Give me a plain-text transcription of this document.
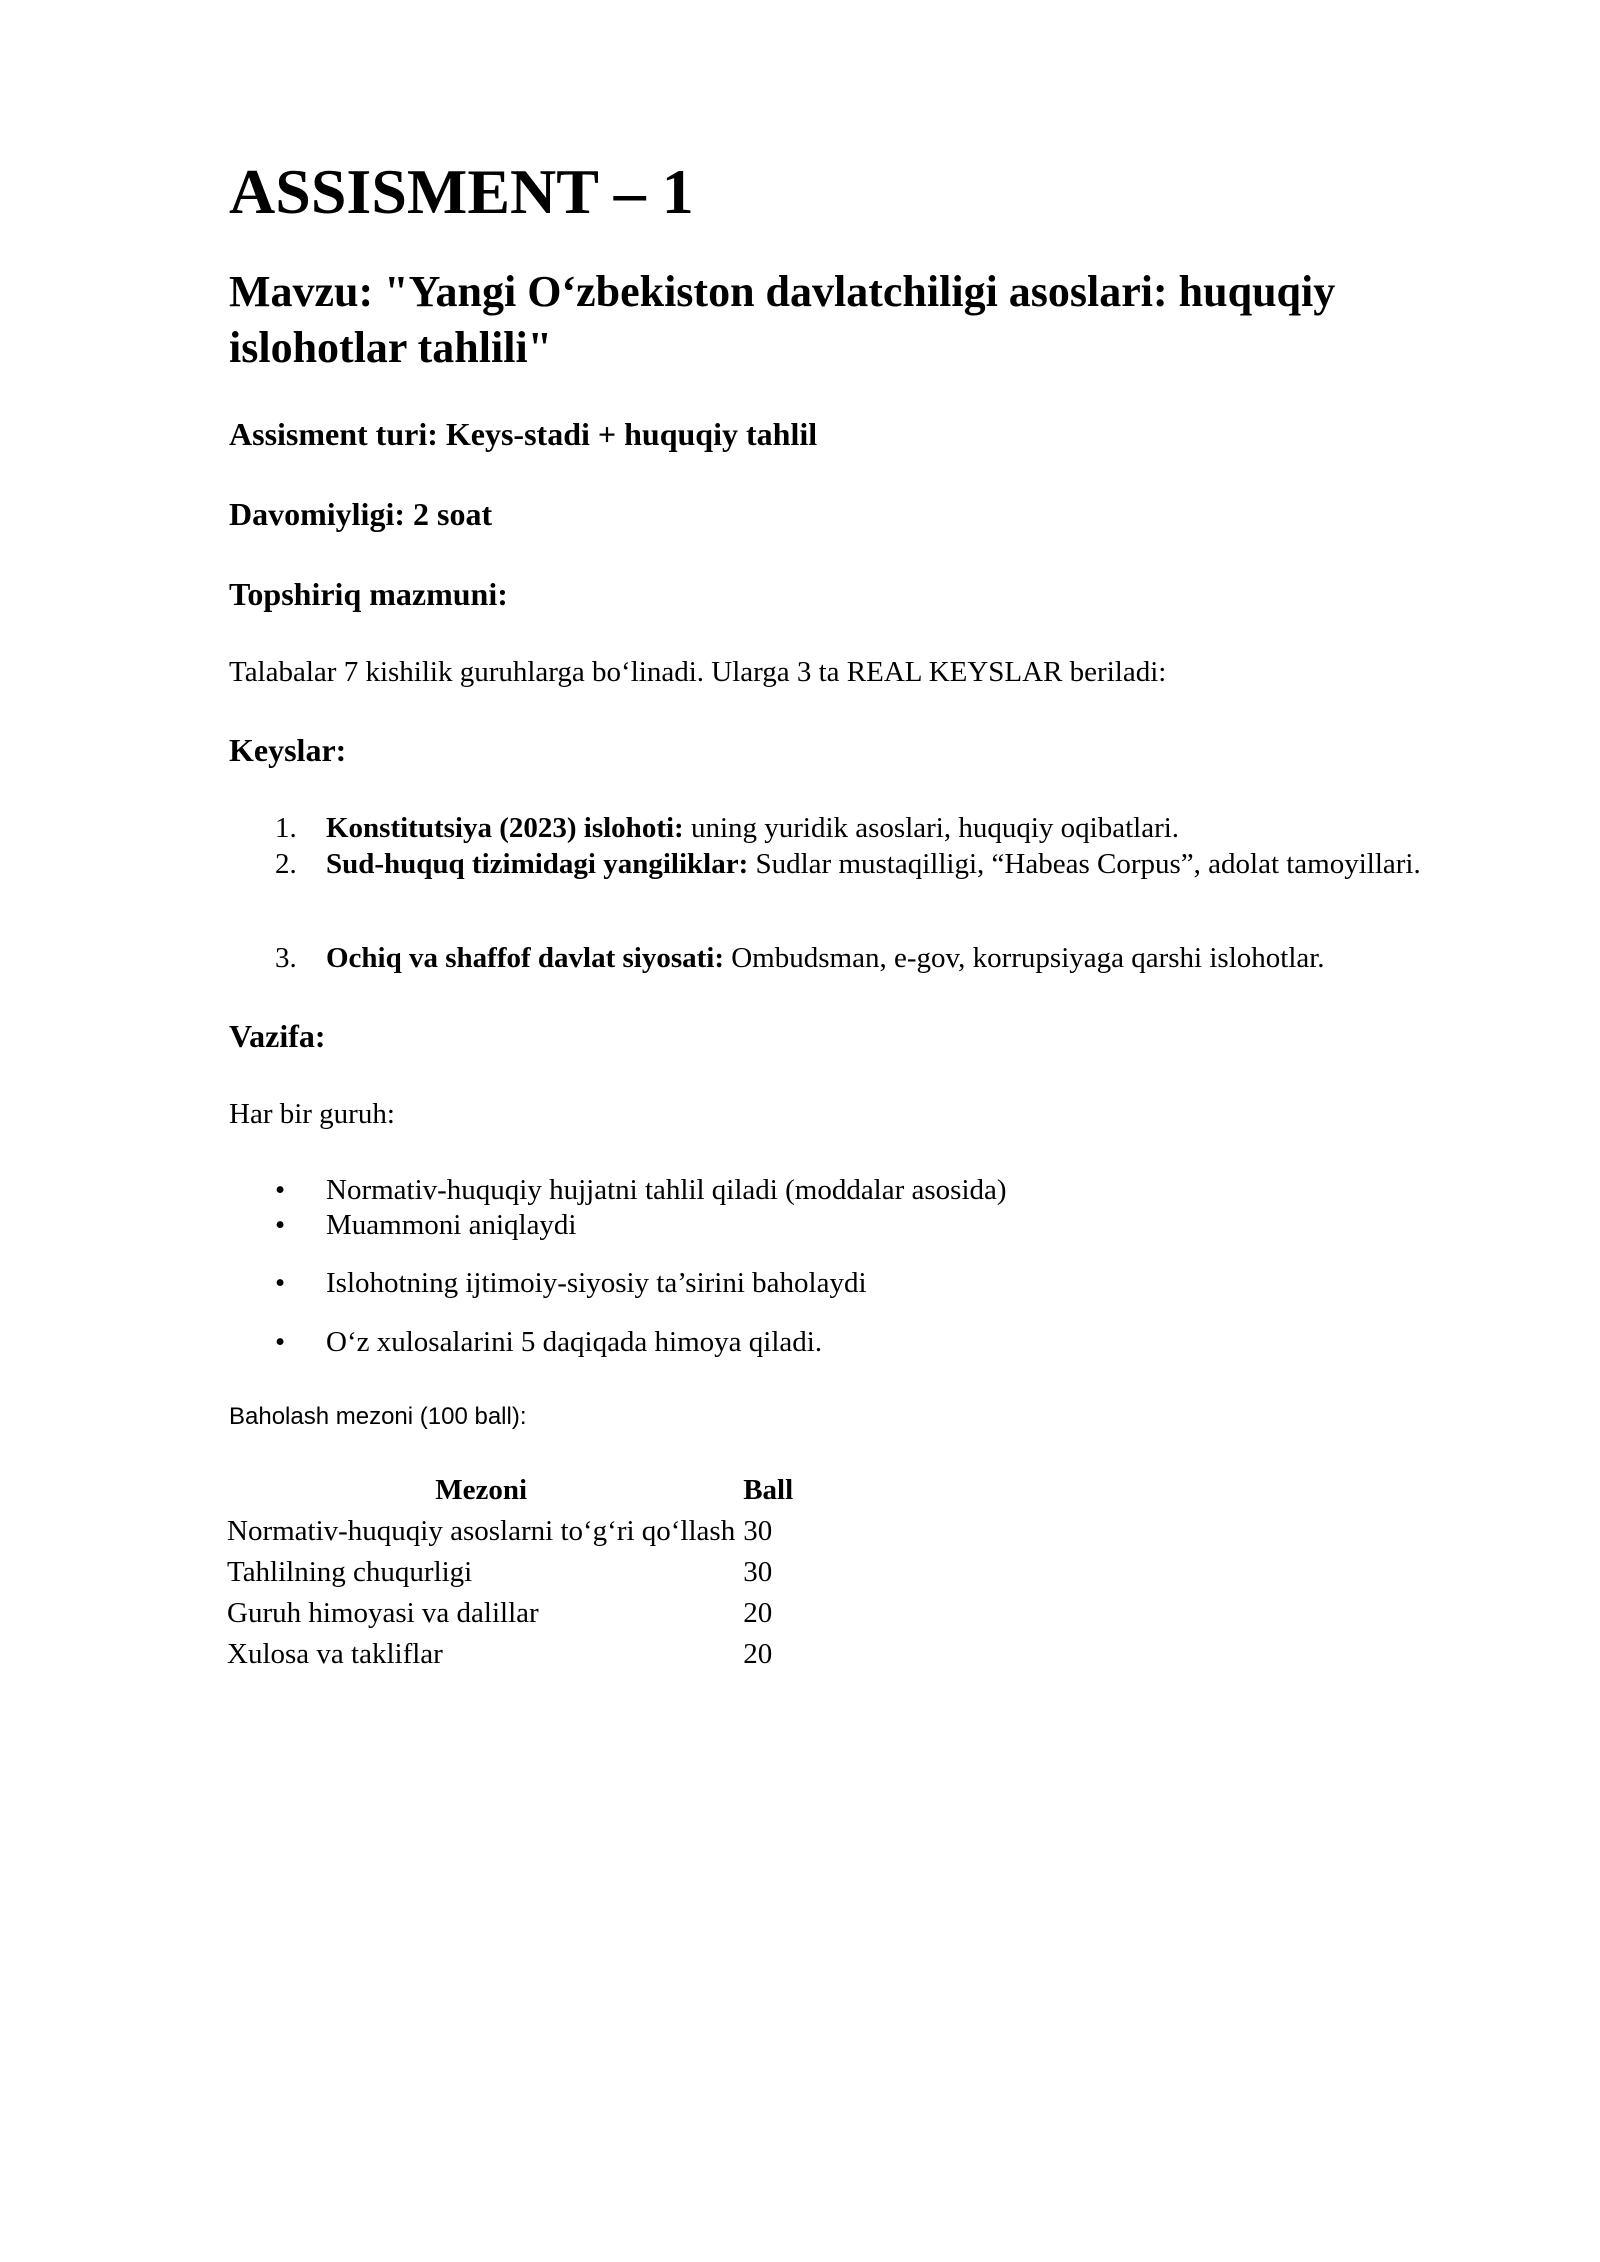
ASSISMENT – 1
Mavzu: "Yangi O‘zbekiston davlatchiligi asoslari: huquqiy islohotlar tahlili"
Assisment turi: Keys-stadi + huquqiy tahlil
Davomiyligi: 2 soat
Topshiriq mazmuni:
Talabalar 7 kishilik guruhlarga bo‘linadi. Ularga 3 ta REAL KEYSLAR beriladi:
Keyslar:
1. Konstitutsiya (2023) islohoti: uning yuridik asoslari, huquqiy oqibatlari.
2. Sud-huquq tizimidagi yangiliklar: Sudlar mustaqilligi, “Habeas Corpus”, adolat tamoyillari.
3. Ochiq va shaffof davlat siyosati: Ombudsman, e-gov, korrupsiyaga qarshi islohotlar.
Vazifa:
Har bir guruh:
• Normativ-huquqiy hujjatni tahlil qiladi (moddalar asosida)
• Muammoni aniqlaydi
• Islohotning ijtimoiy-siyosiy ta’sirini baholaydi
• O‘z xulosalarini 5 daqiqada himoya qiladi.
Baholash mezoni (100 ball):
Mezoni	Ball
Normativ-huquqiy asoslarni to‘g‘ri qo‘llash	30
Tahlilning chuqurligi	30
Guruh himoyasi va dalillar	20
Xulosa va takliflar	20
